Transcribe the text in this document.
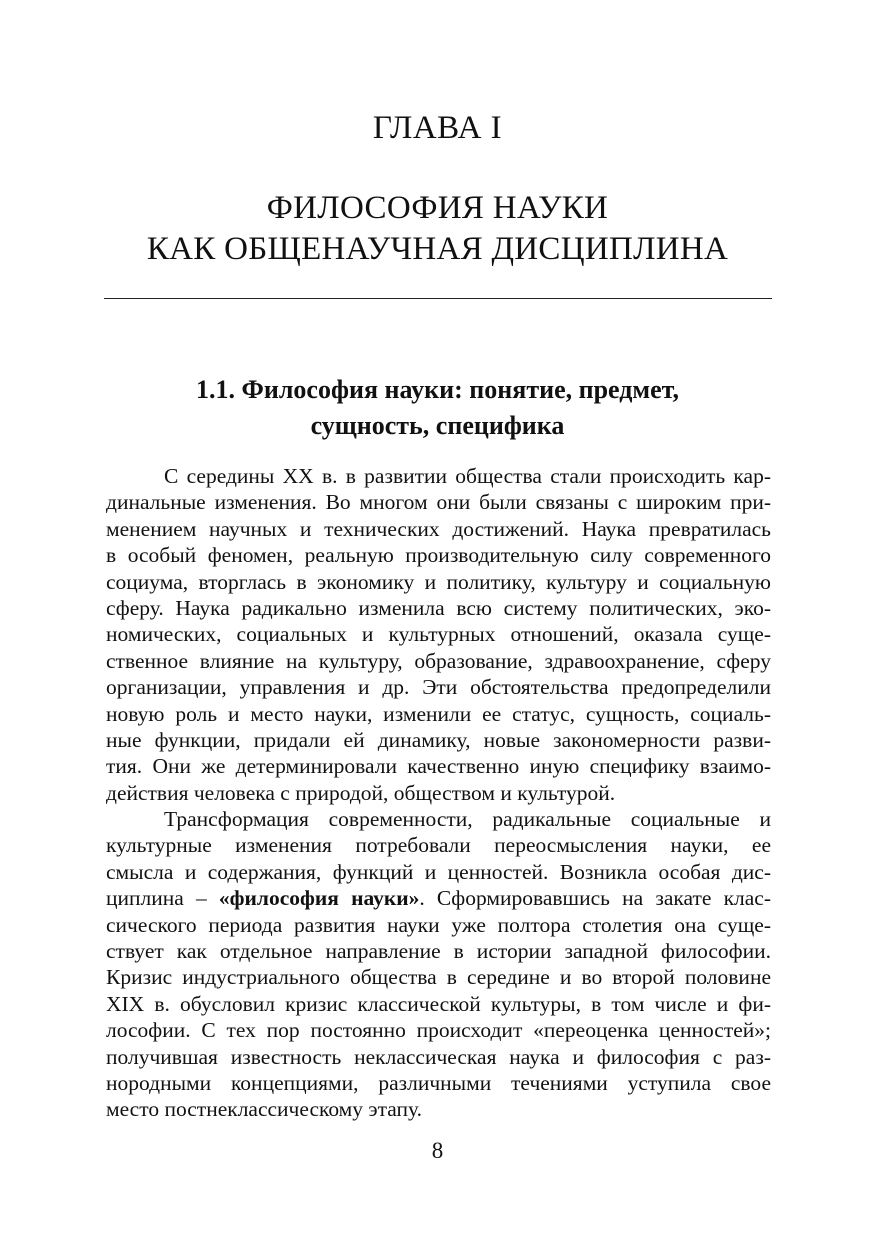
ГЛАВА I
ФИЛОСОФИЯ НАУКИ
КАК ОБЩЕНАУЧНАЯ ДИСЦИПЛИНА
1.1. Философия науки: понятие, предмет,
сущность, специфика

С середины XX в. в развитии общества стали происходить кар-
динальные изменения. Во многом они были связаны с широким при-
менением научных и технических достижений. Наука превратилась
в особый феномен, реальную производительную силу современного
социума, вторглась в экономику и политику, культуру и социальную
сферу. Наука радикально изменила всю систему политических, эко-
номических, социальных и культурных отношений, оказала суще-
ственное влияние на культуру, образование, здравоохранение, сферу
организации, управления и др. Эти обстоятельства предопределили
новую роль и место науки, изменили ее статус, сущность, социаль-
ные функции, придали ей динамику, новые закономерности разви-
тия. Они же детерминировали качественно иную специфику взаимо-
действия человека с природой, обществом и культурой.

Трансформация современности, радикальные социальные и
культурные изменения потребовали переосмысления науки, ее
смысла и содержания, функций и ценностей. Возникла особая дис-
циплина – «философия науки». Сформировавшись на закате клас-
сического периода развития науки уже полтора столетия она суще-
ствует как отдельное направление в истории западной философии.
Кризис индустриального общества в середине и во второй половине
XIX в. обусловил кризис классической культуры, в том числе и фи-
лософии. С тех пор постоянно происходит «переоценка ценностей»;
получившая известность неклассическая наука и философия с раз-
нородными концепциями, различными течениями уступила свое
место постнеклассическому этапу.

8
